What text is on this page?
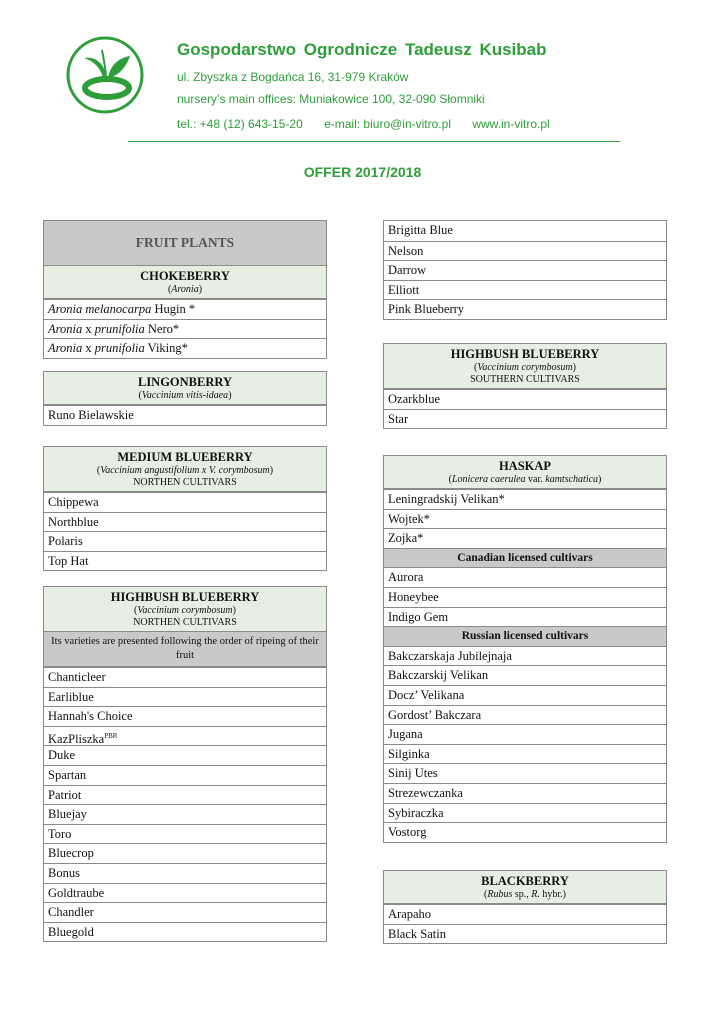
Gospodarstwo Ogrodnicze Tadeusz Kusibab
ul. Zbyszka z Bogdańca 16, 31-979 Kraków
nursery’s main offices: Muniakowice 100, 32-090 Słomniki
tel.: +48 (12) 643-15-20 e-mail: biuro@in-vitro.pl www.in-vitro.pl
OFFER 2017/2018
FRUIT PLANTS
CHOKEBERRY
(Aronia)
Aronia melanocarpa Hugin *
Aronia x prunifolia Nero*
Aronia x prunifolia Viking*
LINGONBERRY
(Vaccinium vitis-idaea)
Runo Bielawskie
MEDIUM BLUEBERRY
(Vaccinium angustifolium x V. corymbosum)
NORTHEN CULTIVARS
Chippewa
Northblue
Polaris
Top Hat
HIGHBUSH BLUEBERRY
(Vaccinium corymbosum)
NORTHEN CULTIVARS
Its varieties are presented following the order of ripeing of their fruit
Chanticleer
Earliblue
Hannah's Choice
KazPliszka$^{PBR}$
Duke
Spartan
Patriot
Bluejay
Toro
Bluecrop
Bonus
Goldtraube
Chandler
Bluegold
Brigitta Blue
Nelson
Darrow
Elliott
Pink Blueberry
HIGHBUSH BLUEBERRY
(Vaccinium corymbosum)
SOUTHERN CULTIVARS
Ozarkblue
Star
HASKAP
(Lonicera caerulea var. kamtschatica)
Leningradskij Velikan*
Wojtek*
Zojka*
Canadian licensed cultivars
Aurora
Honeybee
Indigo Gem
Russian licensed cultivars
Bakczarskaja Jubilejnaja
Bakczarskij Velikan
Docz’ Velikana
Gordost’ Bakczara
Jugana
Silginka
Sinij Utes
Strezewczanka
Sybiraczka
Vostorg
BLACKBERRY
(Rubus sp., R. hybr.)
Arapaho
Black Satin
